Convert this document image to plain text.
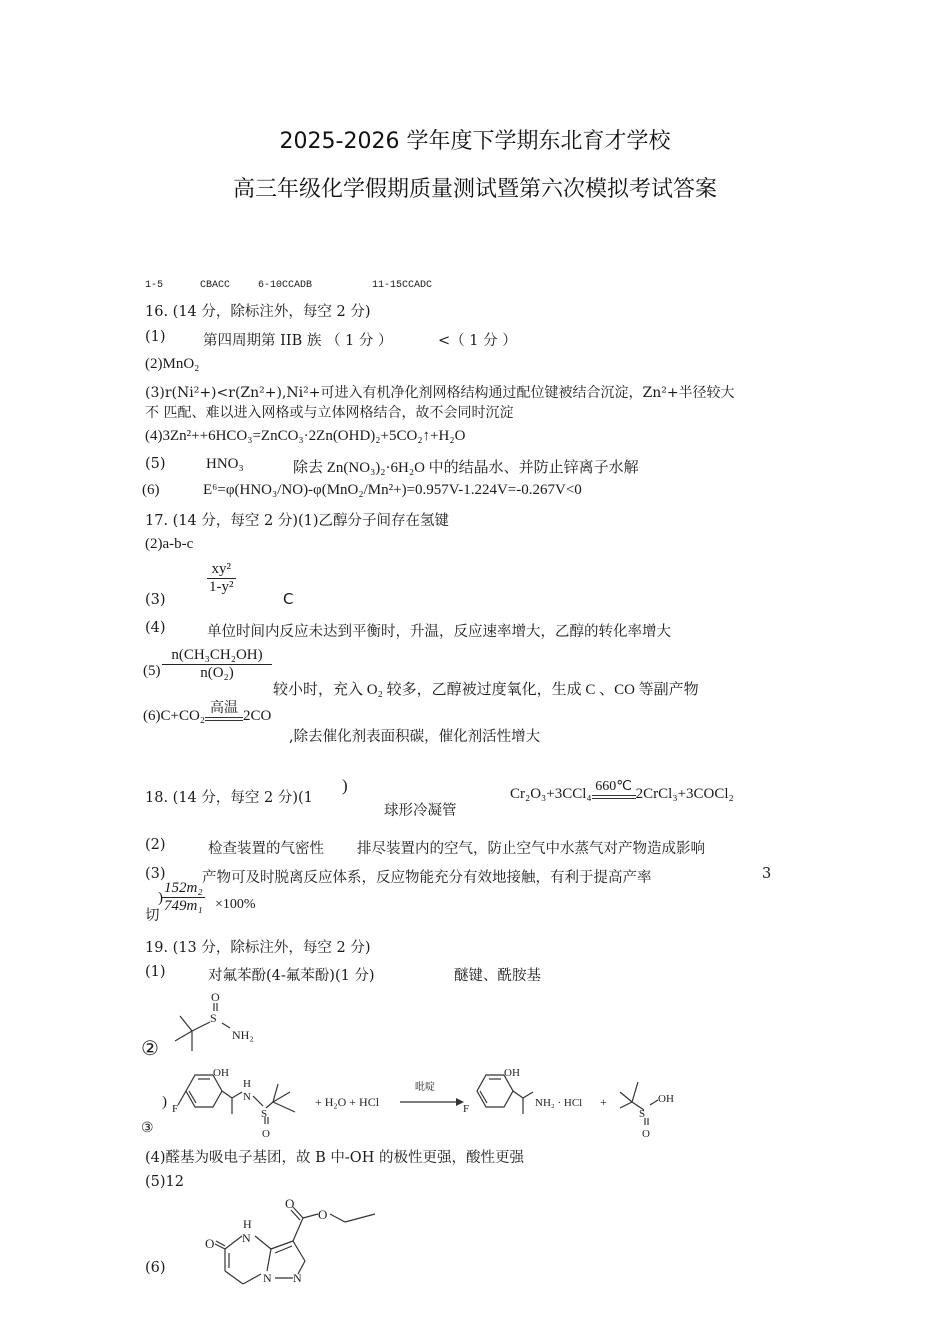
2025-2026 学年度下学期东北育才学校
高三年级化学假期质量测试暨第六次模拟考试答案
1-5	CBACC	6-10CCADB	11-15CCADC
16. (14 分，除标注外，每空 2 分)
(1)	第四周期第 IIB 族 （ 1 分 ）	<（ 1 分 ）
(2)MnO₂
(3)r(Ni²+)<r(Zn²+),Ni²+可进入有机净化剂网格结构通过配位键被结合沉淀，Zn²+半径较大
不 匹配、难以进入网格或与立体网格结合，故不会同时沉淀
(4)3Zn²++6HCO₃=ZnCO₃·2Zn(OHD)₂+5CO₂↑+H₂O
(5)	HNO₃	除去 Zn(NO₃)₂·6H₂O 中的结晶水、并防止锌离子水解
(6)	E⁶=φ(HNO₃/NO)-φ(MnO₂/Mn²+)=0.957V-1.224V=-0.267V<0
17. (14 分，每空 2 分)(1)乙醇分子间存在氢键
(2)a-b-c
(3)
$\frac{\text{xy²}}{\text{1-y²}}$
C
(4)	单位时间内反应未达到平衡时，升温，反应速率增大，乙醇的转化率增大
$(5) \frac{\text{n(CH₃CH₂OH)}}{\text{n(O₂)}}$
较小时，充入 O₂ 较多，乙醇被过度氧化，生成 C 、CO 等副产物
(6)C+CO₂ 高温 2CO
,除去催化剂表面积碳，催化剂活性增大
18. (14 分，每空 2 分)(1
)
球形冷凝管
Cr₂O₃+3CCl₄ 660℃ 2CrCl₃+3COCl₂
(2)	检查装置的气密性 排尽装置内的空气，防止空气中水蒸气对产物造成影响
(3)	产物可及时脱离反应体系，反应物能充分有效地接触，有利于提高产率	3
切
) $\frac{\text{152m₂}}{\text{749m₁}} \times 100\%$
19. (13 分，除标注外，每空 2 分)
(1)	对氟苯酚(4-氟苯酚)(1 分)	醚键、酰胺基
②
O
S
NH₂
)
③
OH
F
H
N
S
O
+ H₂O + HCl
吡啶
OH
F	NH₂ · HCl +
S
OH
O
(4)醛基为吸电子基团，故 B 中-OH 的极性更强，酸性更强
(5)12
(6)
O
H
N
N N
O
O
